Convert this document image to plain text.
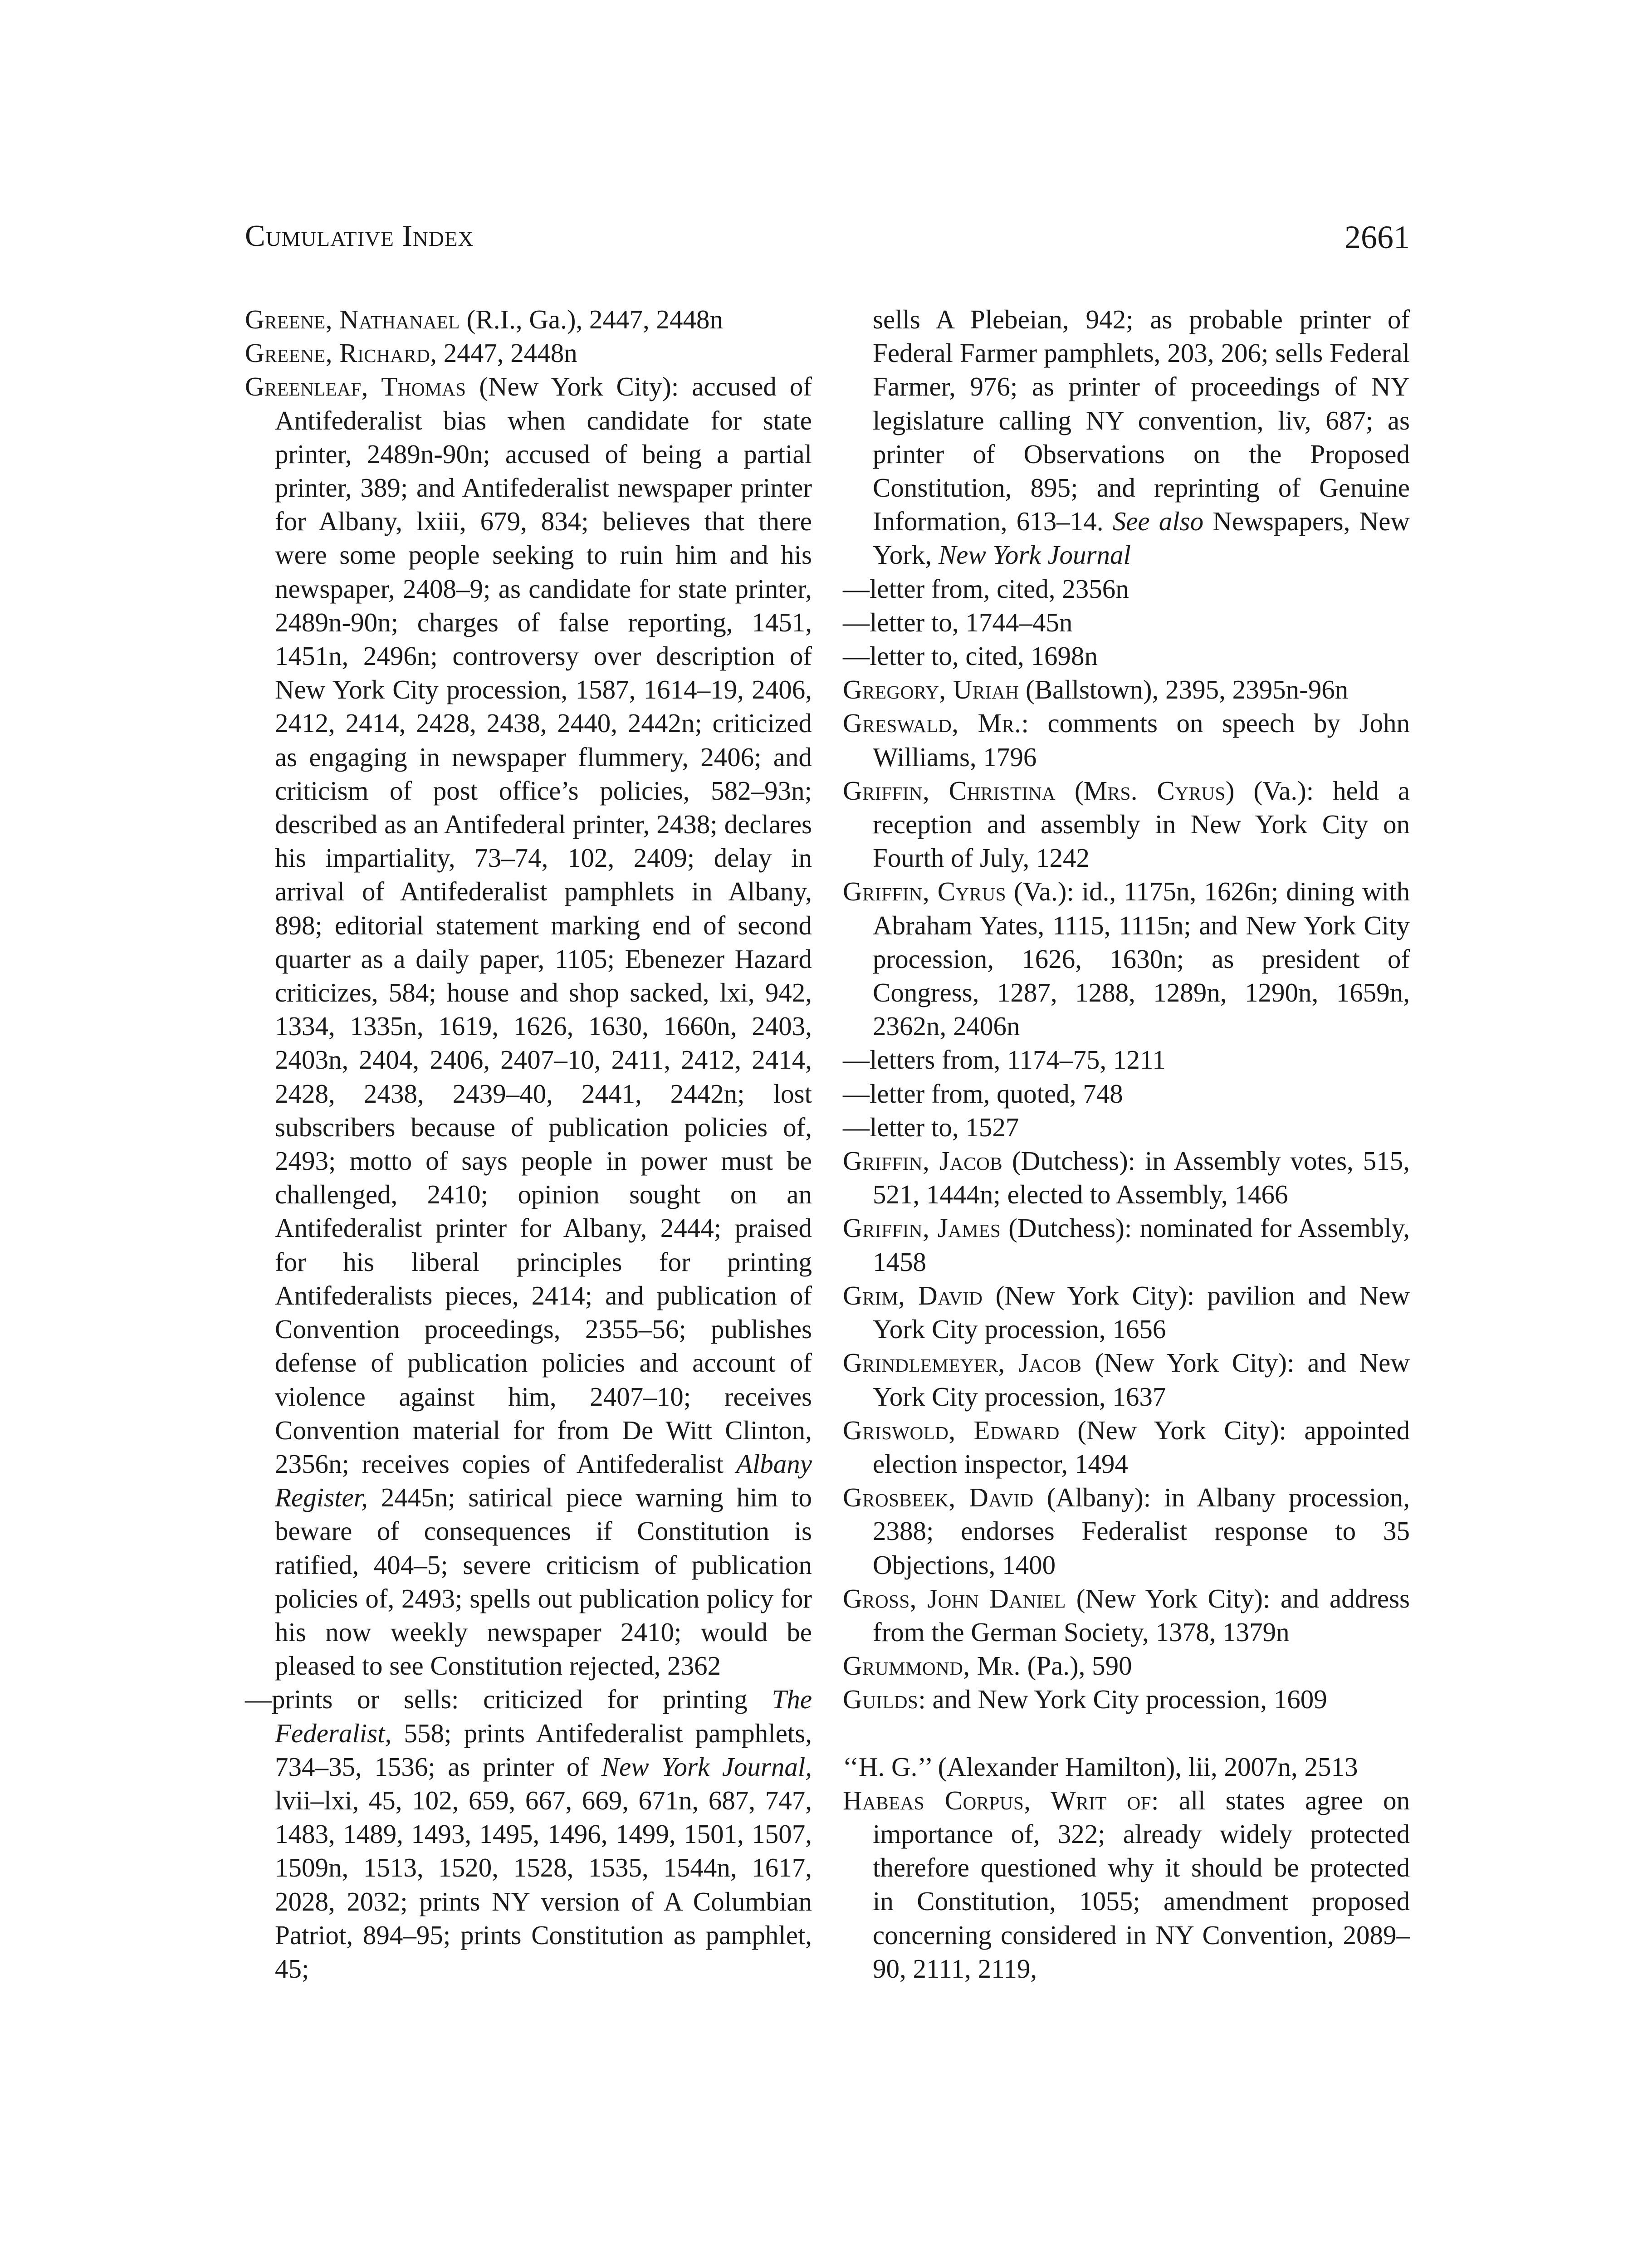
Cumulative Index	2661

Greene, Nathanael (R.I., Ga.), 2447, 2448n

Greene, Richard, 2447, 2448n

Greenleaf, Thomas (New York City): accused of Antifederalist bias when candidate for state printer, 2489n-90n; accused of being a partial printer, 389; and Antifederalist newspaper printer for Albany, lxiii, 679, 834; believes that there were some people seeking to ruin him and his newspaper, 2408–9; as candidate for state printer, 2489n-90n; charges of false reporting, 1451, 1451n, 2496n; controversy over description of New York City procession, 1587, 1614–19, 2406, 2412, 2414, 2428, 2438, 2440, 2442n; criticized as engaging in newspaper flummery, 2406; and criticism of post office’s policies, 582–93n; described as an Antifederal printer, 2438; declares his impartiality, 73–74, 102, 2409; delay in arrival of Antifederalist pamphlets in Albany, 898; editorial statement marking end of second quarter as a daily paper, 1105; Ebenezer Hazard criticizes, 584; house and shop sacked, lxi, 942, 1334, 1335n, 1619, 1626, 1630, 1660n, 2403, 2403n, 2404, 2406, 2407–10, 2411, 2412, 2414, 2428, 2438, 2439–40, 2441, 2442n; lost subscribers because of publication policies of, 2493; motto of says people in power must be challenged, 2410; opinion sought on an Antifederalist printer for Albany, 2444; praised for his liberal principles for printing Antifederalists pieces, 2414; and publication of Convention proceedings, 2355–56; publishes defense of publication policies and account of violence against him, 2407–10; receives Convention material for from De Witt Clinton, 2356n; receives copies of Antifederalist Albany Register, 2445n; satirical piece warning him to beware of consequences if Constitution is ratified, 404–5; severe criticism of publication policies of, 2493; spells out publication policy for his now weekly newspaper 2410; would be pleased to see Constitution rejected, 2362

—prints or sells: criticized for printing The Federalist, 558; prints Antifederalist pamphlets, 734–35, 1536; as printer of New York Journal, lvii–lxi, 45, 102, 659, 667, 669, 671n, 687, 747, 1483, 1489, 1493, 1495, 1496, 1499, 1501, 1507, 1509n, 1513, 1520, 1528, 1535, 1544n, 1617, 2028, 2032; prints NY version of A Columbian Patriot, 894–95; prints Constitution as pamphlet, 45;

sells A Plebeian, 942; as probable printer of Federal Farmer pamphlets, 203, 206; sells Federal Farmer, 976; as printer of proceedings of NY legislature calling NY convention, liv, 687; as printer of Observations on the Proposed Constitution, 895; and reprinting of Genuine Information, 613–14. See also Newspapers, New York, New York Journal

—letter from, cited, 2356n

—letter to, 1744–45n

—letter to, cited, 1698n

Gregory, Uriah (Ballstown), 2395, 2395n-96n

Greswald, Mr.: comments on speech by John Williams, 1796

Griffin, Christina (Mrs. Cyrus) (Va.): held a reception and assembly in New York City on Fourth of July, 1242

Griffin, Cyrus (Va.): id., 1175n, 1626n; dining with Abraham Yates, 1115, 1115n; and New York City procession, 1626, 1630n; as president of Congress, 1287, 1288, 1289n, 1290n, 1659n, 2362n, 2406n

—letters from, 1174–75, 1211

—letter from, quoted, 748

—letter to, 1527

Griffin, Jacob (Dutchess): in Assembly votes, 515, 521, 1444n; elected to Assembly, 1466

Griffin, James (Dutchess): nominated for Assembly, 1458

Grim, David (New York City): pavilion and New York City procession, 1656

Grindlemeyer, Jacob (New York City): and New York City procession, 1637

Griswold, Edward (New York City): appointed election inspector, 1494

Grosbeek, David (Albany): in Albany procession, 2388; endorses Federalist response to 35 Objections, 1400

Gross, John Daniel (New York City): and address from the German Society, 1378, 1379n

Grummond, Mr. (Pa.), 590

Guilds: and New York City procession, 1609

‘‘H. G.’’ (Alexander Hamilton), lii, 2007n, 2513

Habeas Corpus, Writ of: all states agree on importance of, 322; already widely protected therefore questioned why it should be protected in Constitution, 1055; amendment proposed concerning considered in NY Convention, 2089–90, 2111, 2119,
